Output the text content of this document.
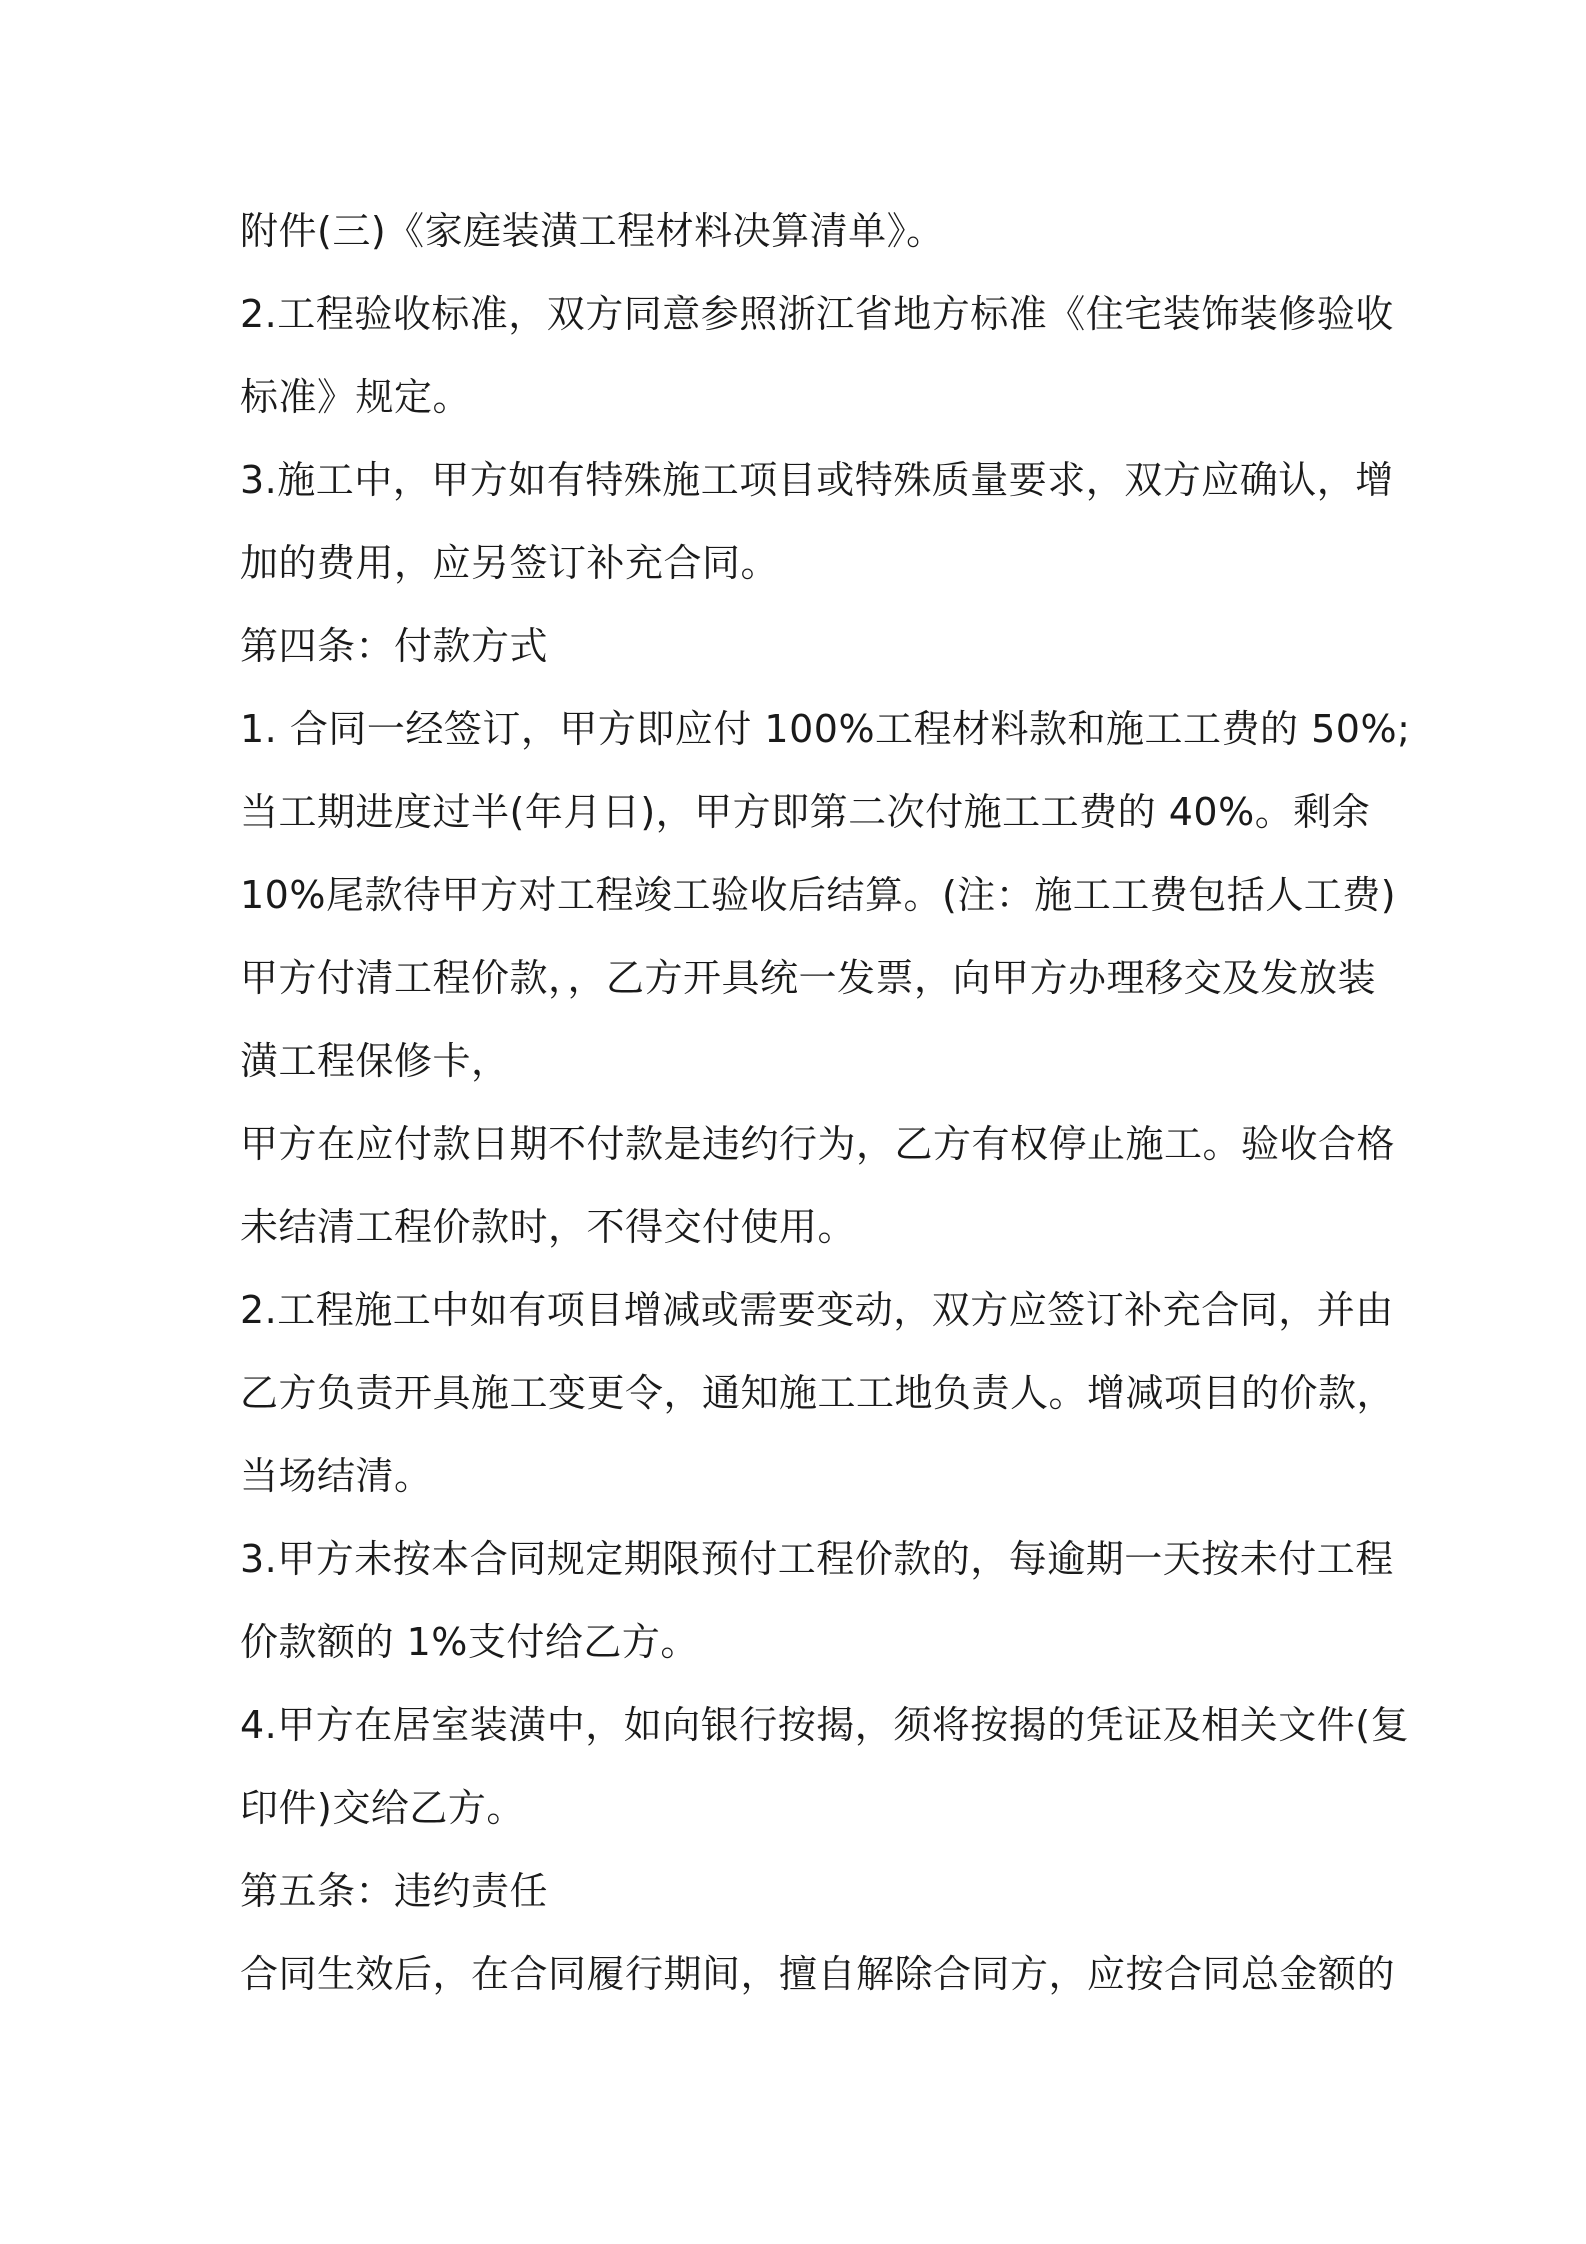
附件(三)《家庭装潢工程材料决算清单》。
2.工程验收标准，双方同意参照浙江省地方标准《住宅装饰装修验收
标准》规定。
3.施工中，甲方如有特殊施工项目或特殊质量要求，双方应确认，增
加的费用，应另签订补充合同。
第四条：付款方式
1. 合同一经签订，甲方即应付 100%工程材料款和施工工费的 50%;
当工期进度过半(年月日)，甲方即第二次付施工工费的 40%。剩余
10%尾款待甲方对工程竣工验收后结算。(注：施工工费包括人工费)
甲方付清工程价款，，乙方开具统一发票，向甲方办理移交及发放装
潢工程保修卡，
甲方在应付款日期不付款是违约行为，乙方有权停止施工。验收合格
未结清工程价款时，不得交付使用。
2.工程施工中如有项目增减或需要变动，双方应签订补充合同，并由
乙方负责开具施工变更令，通知施工工地负责人。增减项目的价款，
当场结清。
3.甲方未按本合同规定期限预付工程价款的，每逾期一天按未付工程
价款额的 1%支付给乙方。
4.甲方在居室装潢中，如向银行按揭，须将按揭的凭证及相关文件(复
印件)交给乙方。
第五条：违约责任
合同生效后，在合同履行期间，擅自解除合同方，应按合同总金额的
